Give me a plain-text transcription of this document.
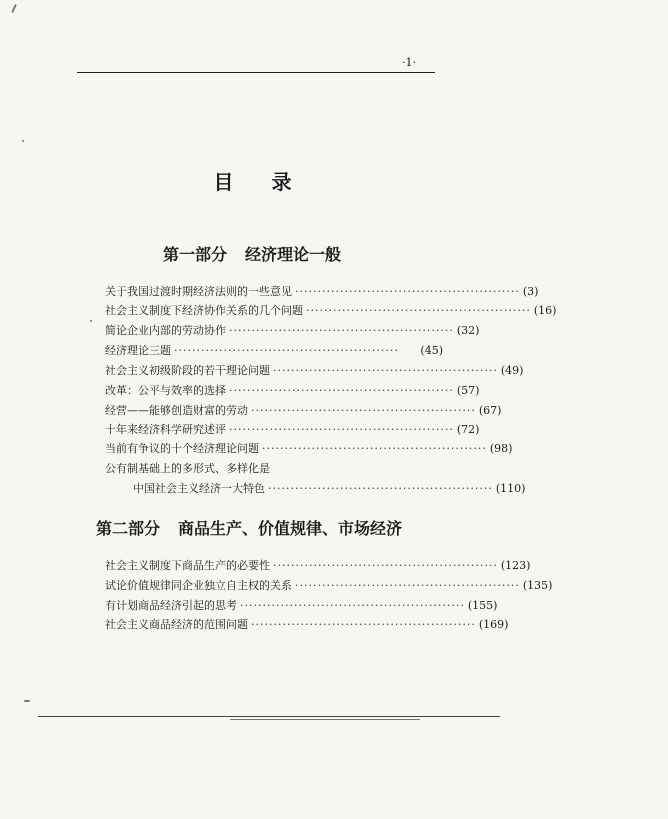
·1·
目 录
第一部分 经济理论一般
关于我国过渡时期经济法则的一些意见 ·················································· (3)
社会主义制度下经济协作关系的几个问题 ·················································· (16)
简论企业内部的劳动协作 ·················································· (32)
经济理论三题 ··················································	(45)
社会主义初级阶段的若干理论问题 ·················································· (49)
改革：公平与效率的选择 ·················································· (57)
经营——能够创造财富的劳动 ·················································· (67)
十年来经济科学研究述评 ·················································· (72)
当前有争议的十个经济理论问题 ·················································· (98)
公有制基础上的多形式、多样化是
中国社会主义经济一大特色 ·················································· (110)
第二部分 商品生产、价值规律、市场经济
社会主义制度下商品生产的必要性 ·················································· (123)
试论价值规律同企业独立自主权的关系 ·················································· (135)
有计划商品经济引起的思考 ·················································· (155)
社会主义商品经济的范围问题 ·················································· (169)
